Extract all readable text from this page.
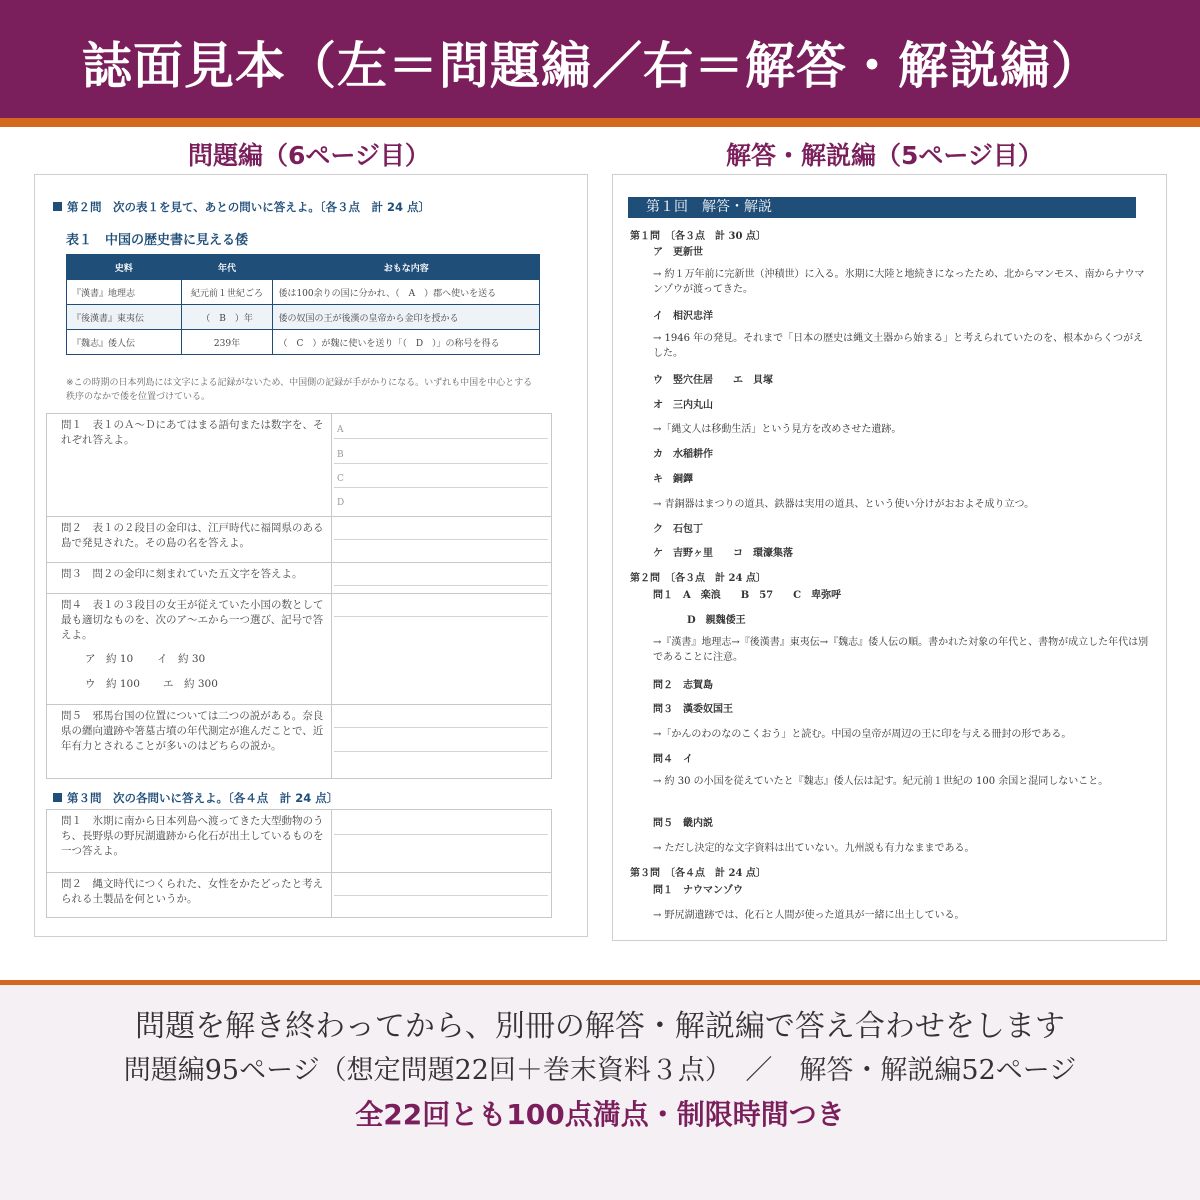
誌面見本（左＝問題編／右＝解答・解説編）
問題編（6ページ目）	解答・解説編（5ページ目）
第２問　次の表１を見て、あとの問いに答えよ。〔各３点　計 24 点〕
表１　中国の歴史書に見える倭
史料	年代	おもな内容
『漢書』地理志	紀元前１世紀ごろ	倭は100余りの国に分かれ、（　A　）郡へ使いを送る
『後漢書』東夷伝	（　B　）年	倭の奴国の王が後漢の皇帝から金印を授かる
『魏志』倭人伝	239年	（　C　）が魏に使いを送り「（　D　）」の称号を得る
※この時期の日本列島には文字による記録がないため、中国側の記録が手がかりになる。いずれも中国を中心とする秩序のなかで倭を位置づけている。
問１　表１のＡ～Ｄにあてはまる語句または数字を、それぞれ答えよ。
A
B
C
D
問２　表１の２段目の金印は、江戸時代に福岡県のある島で発見された。その島の名を答えよ。
問３　問２の金印に刻まれていた五文字を答えよ。
問４　表１の３段目の女王が従えていた小国の数として最も適切なものを、次のア～エから一つ選び、記号で答えよ。
ア　約 10 イ　約 30
ウ　約 100 エ　約 300
問５　邪馬台国の位置については二つの説がある。奈良県の纒向遺跡や箸墓古墳の年代測定が進んだことで、近年有力とされることが多いのはどちらの説か。
第３問　次の各問いに答えよ。〔各４点　計 24 点〕
問１　氷期に南から日本列島へ渡ってきた大型動物のうち、長野県の野尻湖遺跡から化石が出土しているものを一つ答えよ。
問２　縄文時代につくられた、女性をかたどったと考えられる土製品を何というか。
第１回　解答・解説
第１問　〔各３点　計 30 点〕
ア　更新世
→ 約１万年前に完新世（沖積世）に入る。氷期に大陸と地続きになったため、北からマンモス、南からナウマンゾウが渡ってきた。
イ　相沢忠洋
→ 1946 年の発見。それまで「日本の歴史は縄文土器から始まる」と考えられていたのを、根本からくつがえした。
ウ　竪穴住居　　エ　貝塚
オ　三内丸山
→「縄文人は移動生活」という見方を改めさせた遺跡。
カ　水稲耕作
キ　銅鐸
→ 青銅器はまつりの道具、鉄器は実用の道具、という使い分けがおおよそ成り立つ。
ク　石包丁
ケ　吉野ヶ里　　コ　環濠集落
第２問　〔各３点　計 24 点〕
問１　A　楽浪　　B　57　　C　卑弥呼
D　親魏倭王
→『漢書』地理志→『後漢書』東夷伝→『魏志』倭人伝の順。書かれた対象の年代と、書物が成立した年代は別であることに注意。
問２　志賀島
問３　漢委奴国王
→「かんのわのなのこくおう」と読む。中国の皇帝が周辺の王に印を与える冊封の形である。
問４　イ
→ 約 30 の小国を従えていたと『魏志』倭人伝は記す。紀元前１世紀の 100 余国と混同しないこと。
問５　畿内説
→ ただし決定的な文字資料は出ていない。九州説も有力なままである。
第３問　〔各４点　計 24 点〕
問１　ナウマンゾウ
→ 野尻湖遺跡では、化石と人間が使った道具が一緒に出土している。
問題を解き終わってから、別冊の解答・解説編で答え合わせをします
問題編95ページ（想定問題22回＋巻末資料３点）　／　解答・解説編52ページ
全22回とも100点満点・制限時間つき
